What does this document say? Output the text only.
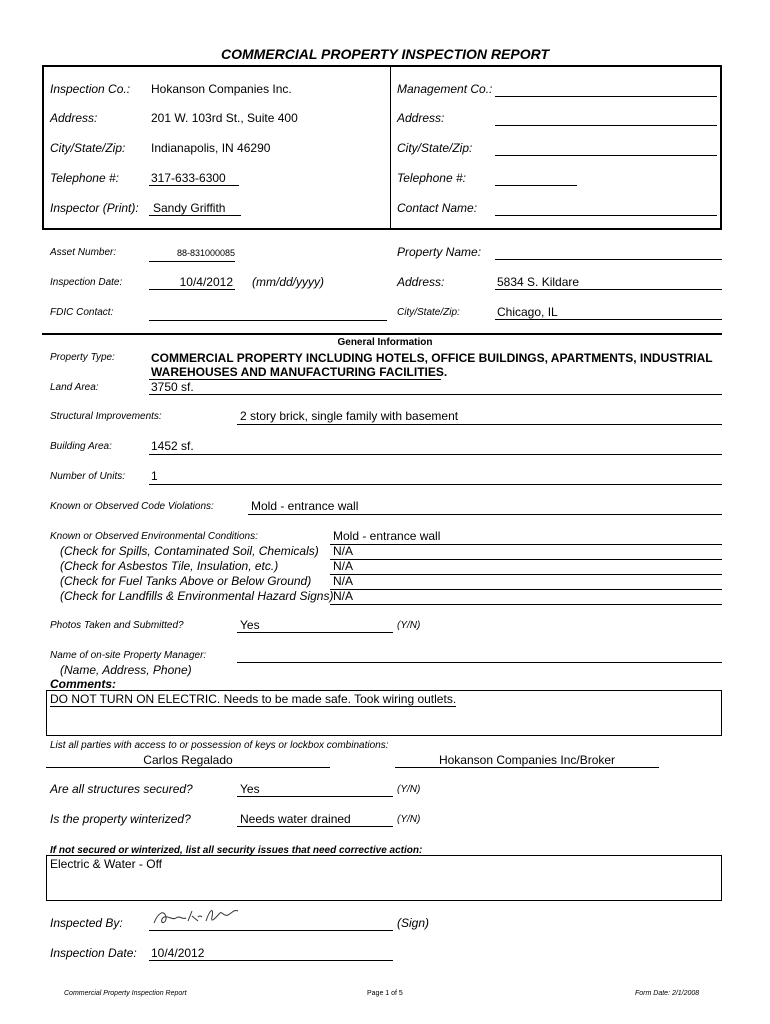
COMMERCIAL PROPERTY INSPECTION REPORT
Inspection Co.: Hokanson Companies Inc.
Address:	201 W. 103rd St., Suite 400
City/State/Zip: Indianapolis, IN 46290
Telephone #:	317-633-6300
Inspector (Print):	Sandy Griffith
Management Co.:
Address:
City/State/Zip:
Telephone #:
Contact Name:
Asset Number:	88-831000085	Property Name:
Inspection Date:	10/4/2012 (mm/dd/yyyy)	Address:	5834 S. Kildare
FDIC Contact:	City/State/Zip:	Chicago, IL
General Information
Property Type:	COMMERCIAL PROPERTY INCLUDING HOTELS, OFFICE BUILDINGS, APARTMENTS, INDUSTRIAL
WAREHOUSES AND MANUFACTURING FACILITIES.
Land Area:	3750 sf.
Structural Improvements:	2 story brick, single family with basement
Building Area:	1452 sf.
Number of Units: 1
Known or Observed Code Violations:	Mold - entrance wall
Known or Observed Environmental Conditions:	Mold - entrance wall
(Check for Spills, Contaminated Soil, Chemicals) N/A
(Check for Asbestos Tile, Insulation, etc.)	N/A
(Check for Fuel Tanks Above or Below Ground) N/A
(Check for Landfills & Environmental Hazard Signs) N/A
Photos Taken and Submitted?	Yes	(Y/N)
Name of on-site Property Manager:
(Name, Address, Phone)
Comments:
DO NOT TURN ON ELECTRIC. Needs to be made safe. Took wiring outlets.
List all parties with access to or possession of keys or lockbox combinations:
Carlos Regalado	Hokanson Companies Inc/Broker
Are all structures secured?	Yes	(Y/N)
Is the property winterized?	Needs water drained	(Y/N)
If not secured or winterized, list all security issues that need corrective action:
Electric & Water - Off
Inspected By:	(Sign)
Inspection Date: 10/4/2012
Commercial Property Inspection Report	Page 1 of 5	Form Date: 2/1/2008
